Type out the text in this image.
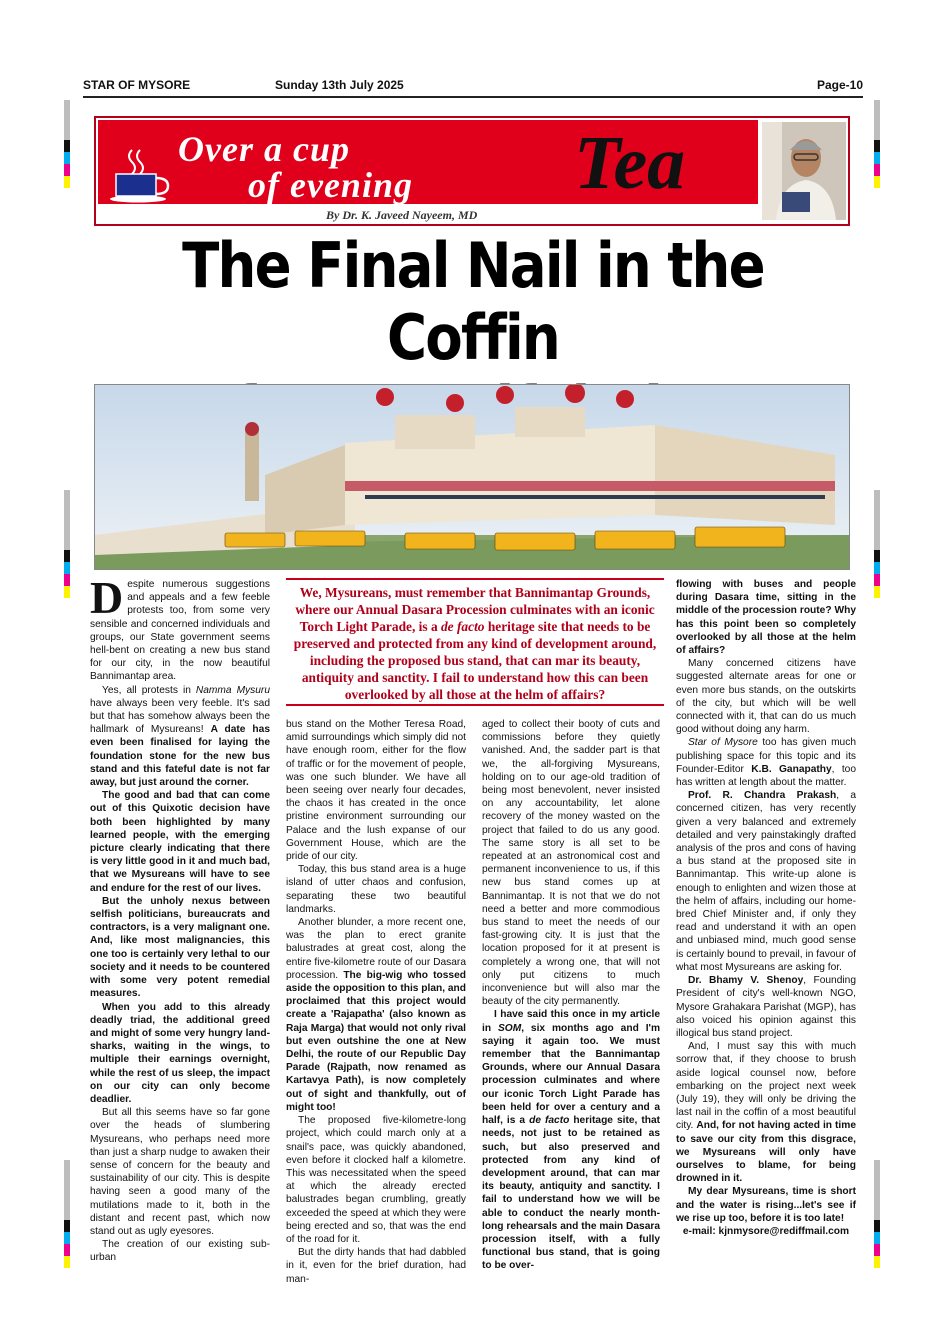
STAR OF MYSORE	Sunday 13th July 2025	Page-10
Over a cup
of evening Tea
By Dr. K. Javeed Nayeem, MD
The Final Nail in the Coffin
We, Mysureans, must remember that Bannimantap Grounds, where our Annual Dasara Procession culminates with an iconic Torch Light Parade, is a de facto heritage site that needs to be preserved and protected from any kind of development around, including the proposed bus stand, that can mar its beauty, antiquity and sanctity. I fail to understand how this can been overlooked by all those at the helm of affairs?

Despite numerous suggestions and appeals and a few feeble protests too, from some very sensible and concerned individuals and groups, our State government seems hell-bent on creating a new bus stand for our city, in the now beautiful Bannimantap area.

Yes, all protests in Namma Mysuru have always been very feeble. It's sad but that has somehow always been the hallmark of Mysureans! A date has even been finalised for laying the foundation stone for the new bus stand and this fateful date is not far away, but just around the corner.

The good and bad that can come out of this Quixotic decision have both been highlighted by many learned people, with the emerging picture clearly indicating that there is very little good in it and much bad, that we Mysureans will have to see and endure for the rest of our lives.

But the unholy nexus between selfish politicians, bureaucrats and contractors, is a very malignant one. And, like most malignancies, this one too is certainly very lethal to our society and it needs to be countered with some very potent remedial measures.

When you add to this already deadly triad, the additional greed and might of some very hungry land-sharks, waiting in the wings, to multiple their earnings overnight, while the rest of us sleep, the impact on our city can only become deadlier.

But all this seems have so far gone over the heads of slumbering Mysureans, who perhaps need more than just a sharp nudge to awaken their sense of concern for the beauty and sustainability of our city. This is despite having seen a good many of the mutilations made to it, both in the distant and recent past, which now stand out as ugly eyesores.

The creation of our existing sub-urban

bus stand on the Mother Teresa Road, amid surroundings which simply did not have enough room, either for the flow of traffic or for the movement of people, was one such blunder. We have all been seeing over nearly four decades, the chaos it has created in the once pristine environment surrounding our Palace and the lush expanse of our Government House, which are the pride of our city.

Today, this bus stand area is a huge island of utter chaos and confusion, separating these two beautiful landmarks.

Another blunder, a more recent one, was the plan to erect granite balustrades at great cost, along the entire five-kilometre route of our Dasara procession. The big-wig who tossed aside the opposition to this plan, and proclaimed that this project would create a 'Rajapatha' (also known as Raja Marga) that would not only rival but even outshine the one at New Delhi, the route of our Republic Day Parade (Rajpath, now renamed as Kartavya Path), is now completely out of sight and thankfully, out of might too!

The proposed five-kilometre-long project, which could march only at a snail's pace, was quickly abandoned, even before it clocked half a kilometre. This was necessitated when the speed at which the already erected balustrades began crumbling, greatly exceeded the speed at which they were being erected and so, that was the end of the road for it.

But the dirty hands that had dabbled in it, even for the brief duration, had man-

aged to collect their booty of cuts and commissions before they quietly vanished. And, the sadder part is that we, the all-forgiving Mysureans, holding on to our age-old tradition of being most benevolent, never insisted on any accountability, let alone recovery of the money wasted on the project that failed to do us any good. The same story is all set to be repeated at an astronomical cost and permanent inconvenience to us, if this new bus stand comes up at Bannimantap. It is not that we do not need a better and more commodious bus stand to meet the needs of our fast-growing city. It is just that the location proposed for it at present is completely a wrong one, that will not only put citizens to much inconvenience but will also mar the beauty of the city permanently.

I have said this once in my article in SOM, six months ago and I'm saying it again too. We must remember that the Bannimantap Grounds, where our Annual Dasara procession culminates and where our iconic Torch Light Parade has been held for over a century and a half, is a de facto heritage site, that needs, not just to be retained as such, but also preserved and protected from any kind of development around, that can mar its beauty, antiquity and sanctity. I fail to understand how we will be able to conduct the nearly month-long rehearsals and the main Dasara procession itself, with a fully functional bus stand, that is going to be over-

flowing with buses and people during Dasara time, sitting in the middle of the procession route? Why has this point been so completely overlooked by all those at the helm of affairs?

Many concerned citizens have suggested alternate areas for one or even more bus stands, on the outskirts of the city, but which will be well connected with it, that can do us much good without doing any harm.

Star of Mysore too has given much publishing space for this topic and its Founder-Editor K.B. Ganapathy, too has written at length about the matter.

Prof. R. Chandra Prakash, a concerned citizen, has very recently given a very balanced and extremely detailed and very painstakingly drafted analysis of the pros and cons of having a bus stand at the proposed site in Bannimantap. This write-up alone is enough to enlighten and wizen those at the helm of affairs, including our home-bred Chief Minister and, if only they read and understand it with an open and unbiased mind, much good sense is certainly bound to prevail, in favour of what most Mysureans are asking for.

Dr. Bhamy V. Shenoy, Founding President of city's well-known NGO, Mysore Grahakara Parishat (MGP), has also voiced his opinion against this illogical bus stand project.

And, I must say this with much sorrow that, if they choose to brush aside logical counsel now, before embarking on the project next week (July 19), they will only be driving the last nail in the coffin of a most beautiful city. And, for not having acted in time to save our city from this disgrace, we Mysureans will only have ourselves to blame, for being drowned in it.

My dear Mysureans, time is short and the water is rising...let's see if we rise up too, before it is too late!

e-mail: kjnmysore@rediffmail.com
